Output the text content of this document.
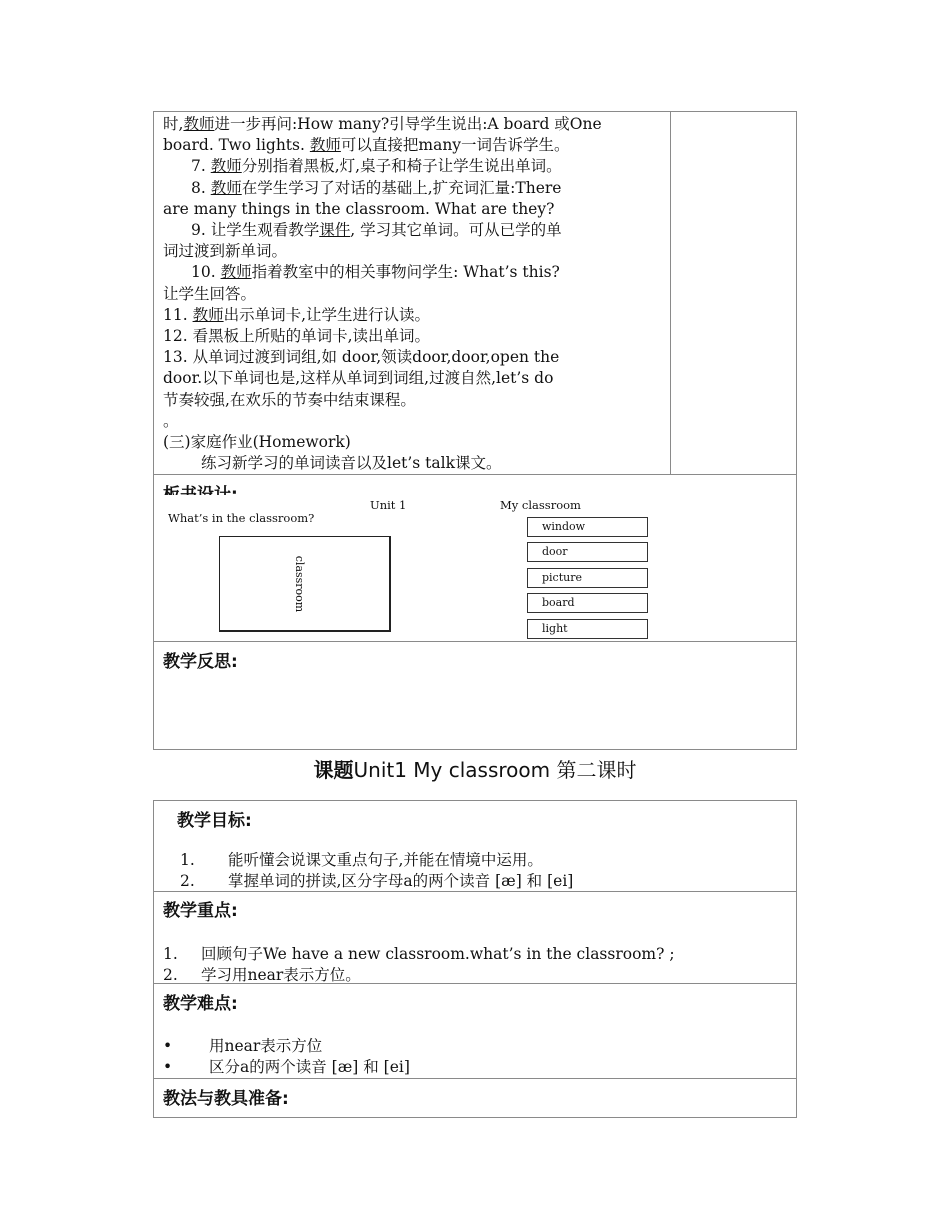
时,教师进一步再问:How many?引导学生说出:A board 或One
board. Two lights. 教师可以直接把many一词告诉学生。
7. 教师分别指着黑板,灯,桌子和椅子让学生说出单词。
8. 教师在学生学习了对话的基础上,扩充词汇量:There
are many things in the classroom. What are they?
9. 让学生观看教学课件, 学习其它单词。可从已学的单
词过渡到新单词。
10. 教师指着教室中的相关事物问学生: What’s this?
让学生回答。
11. 教师出示单词卡,让学生进行认读。
12. 看黑板上所贴的单词卡,读出单词。
13. 从单词过渡到词组,如 door,领读door,door,open the
door.以下单词也是,这样从单词到词组,过渡自然,let’s do
节奏较强,在欢乐的节奏中结束课程。
。
(三)家庭作业(Homework)
练习新学习的单词读音以及let’s talk课文。
Unit 1	My classroom
What’s in the classroom?
classroom
window
door
picture
board
light
教学反思:
课题Unit1 My classroom 第二课时
教学目标:
1. 能听懂会说课文重点句子,并能在情境中运用。
2. 掌握单词的拼读,区分字母a的两个读音 [æ] 和 [ei]
教学重点:
1. 回顾句子We have a new classroom.what’s in the classroom? ;
2. 学习用near表示方位。
教学难点:
• 用near表示方位
• 区分a的两个读音 [æ] 和 [ei]
教法与教具准备:
